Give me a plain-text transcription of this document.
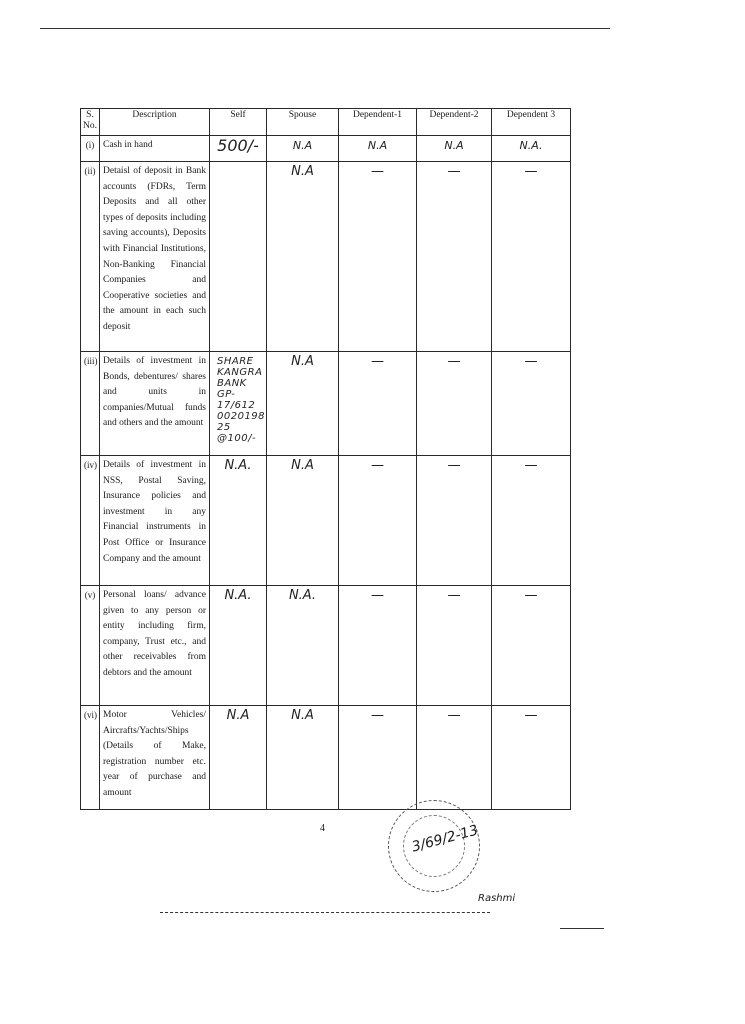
S. No.	Description	Self	Spouse	Dependent-1	Dependent-2	Dependent 3
(i)	Cash in hand	500/-	N.A	N.A	N.A	N.A.
(ii)	Detaisl of deposit in Bank accounts (FDRs, Term Deposits and all other types of deposits including saving accounts), Deposits with Financial Institutions, Non-Banking Financial Companies and Cooperative societies and the amount in each such deposit		N.A	—	—	—
(iii)	Details of investment in Bonds, debentures/ shares and units in companies/Mutual funds and others and the amount	SHARE KANGRA BANK GP-17/612 0020198 25 @100/-	N.A	—	—	—
(iv)	Details of investment in NSS, Postal Saving, Insurance policies and investment in any Financial instruments in Post Office or Insurance Company and the amount	N.A.	N.A	—	—	—
(v)	Personal loans/ advance given to any person or entity including firm, company, Trust etc., and other receivables from debtors and the amount	N.A.	N.A.	—	—	—
(vi)	Motor Vehicles/ Aircrafts/Yachts/Ships (Details of Make, registration number etc. year of purchase and amount	N.A	N.A	—	—	—
4	3/69/2-13
Rashmi
